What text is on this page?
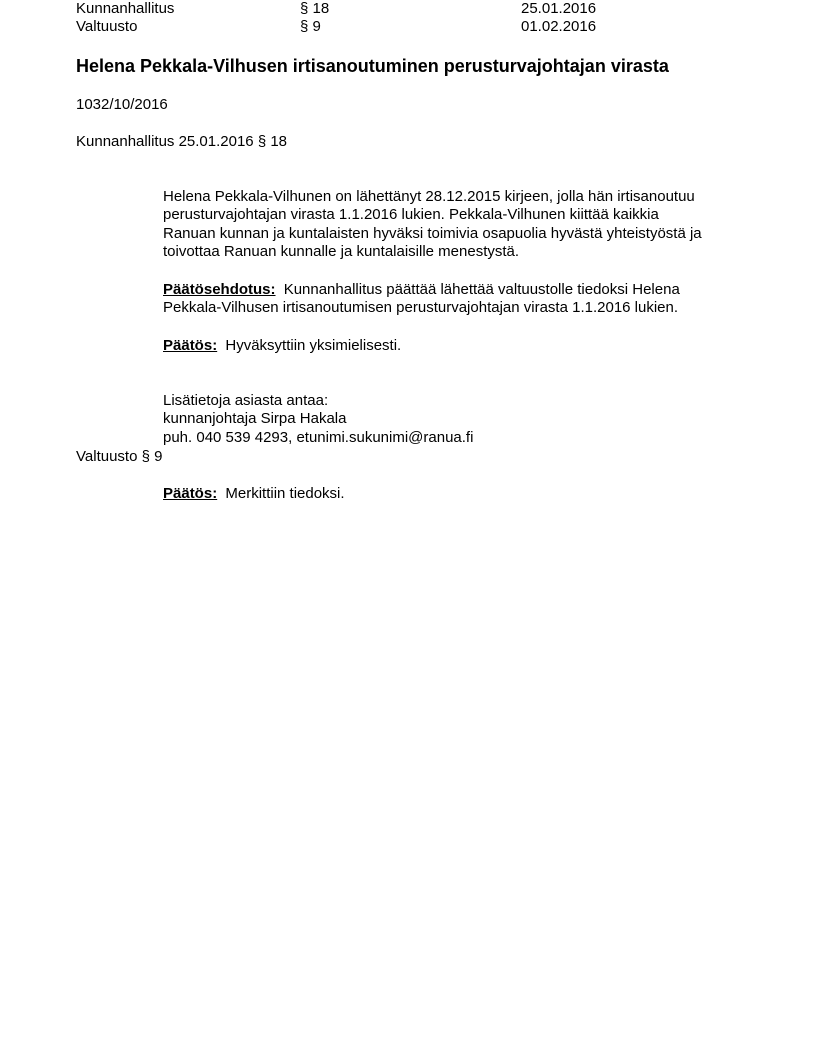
Kunnanhallitus	§ 18	25.01.2016
Valtuusto	§ 9	01.02.2016
Helena Pekkala-Vilhusen irtisanoutuminen perusturvajohtajan virasta
1032/10/2016
Kunnanhallitus 25.01.2016 § 18
Helena Pekkala-Vilhunen on lähettänyt 28.12.2015 kirjeen, jolla hän irtisanoutuu
perusturvajohtajan virasta 1.1.2016 lukien. Pekkala-Vilhunen kiittää kaikkia
Ranuan kunnan ja kuntalaisten hyväksi toimivia osapuolia hyvästä yhteistyöstä ja
toivottaa Ranuan kunnalle ja kuntalaisille menestystä.
Päätösehdotus: Kunnanhallitus päättää lähettää valtuustolle tiedoksi Helena
Pekkala-Vilhusen irtisanoutumisen perusturvajohtajan virasta 1.1.2016 lukien.
Päätös: Hyväksyttiin yksimielisesti.
Lisätietoja asiasta antaa:
kunnanjohtaja Sirpa Hakala
puh. 040 539 4293, etunimi.sukunimi@ranua.fi
Valtuusto § 9
Päätös: Merkittiin tiedoksi.
